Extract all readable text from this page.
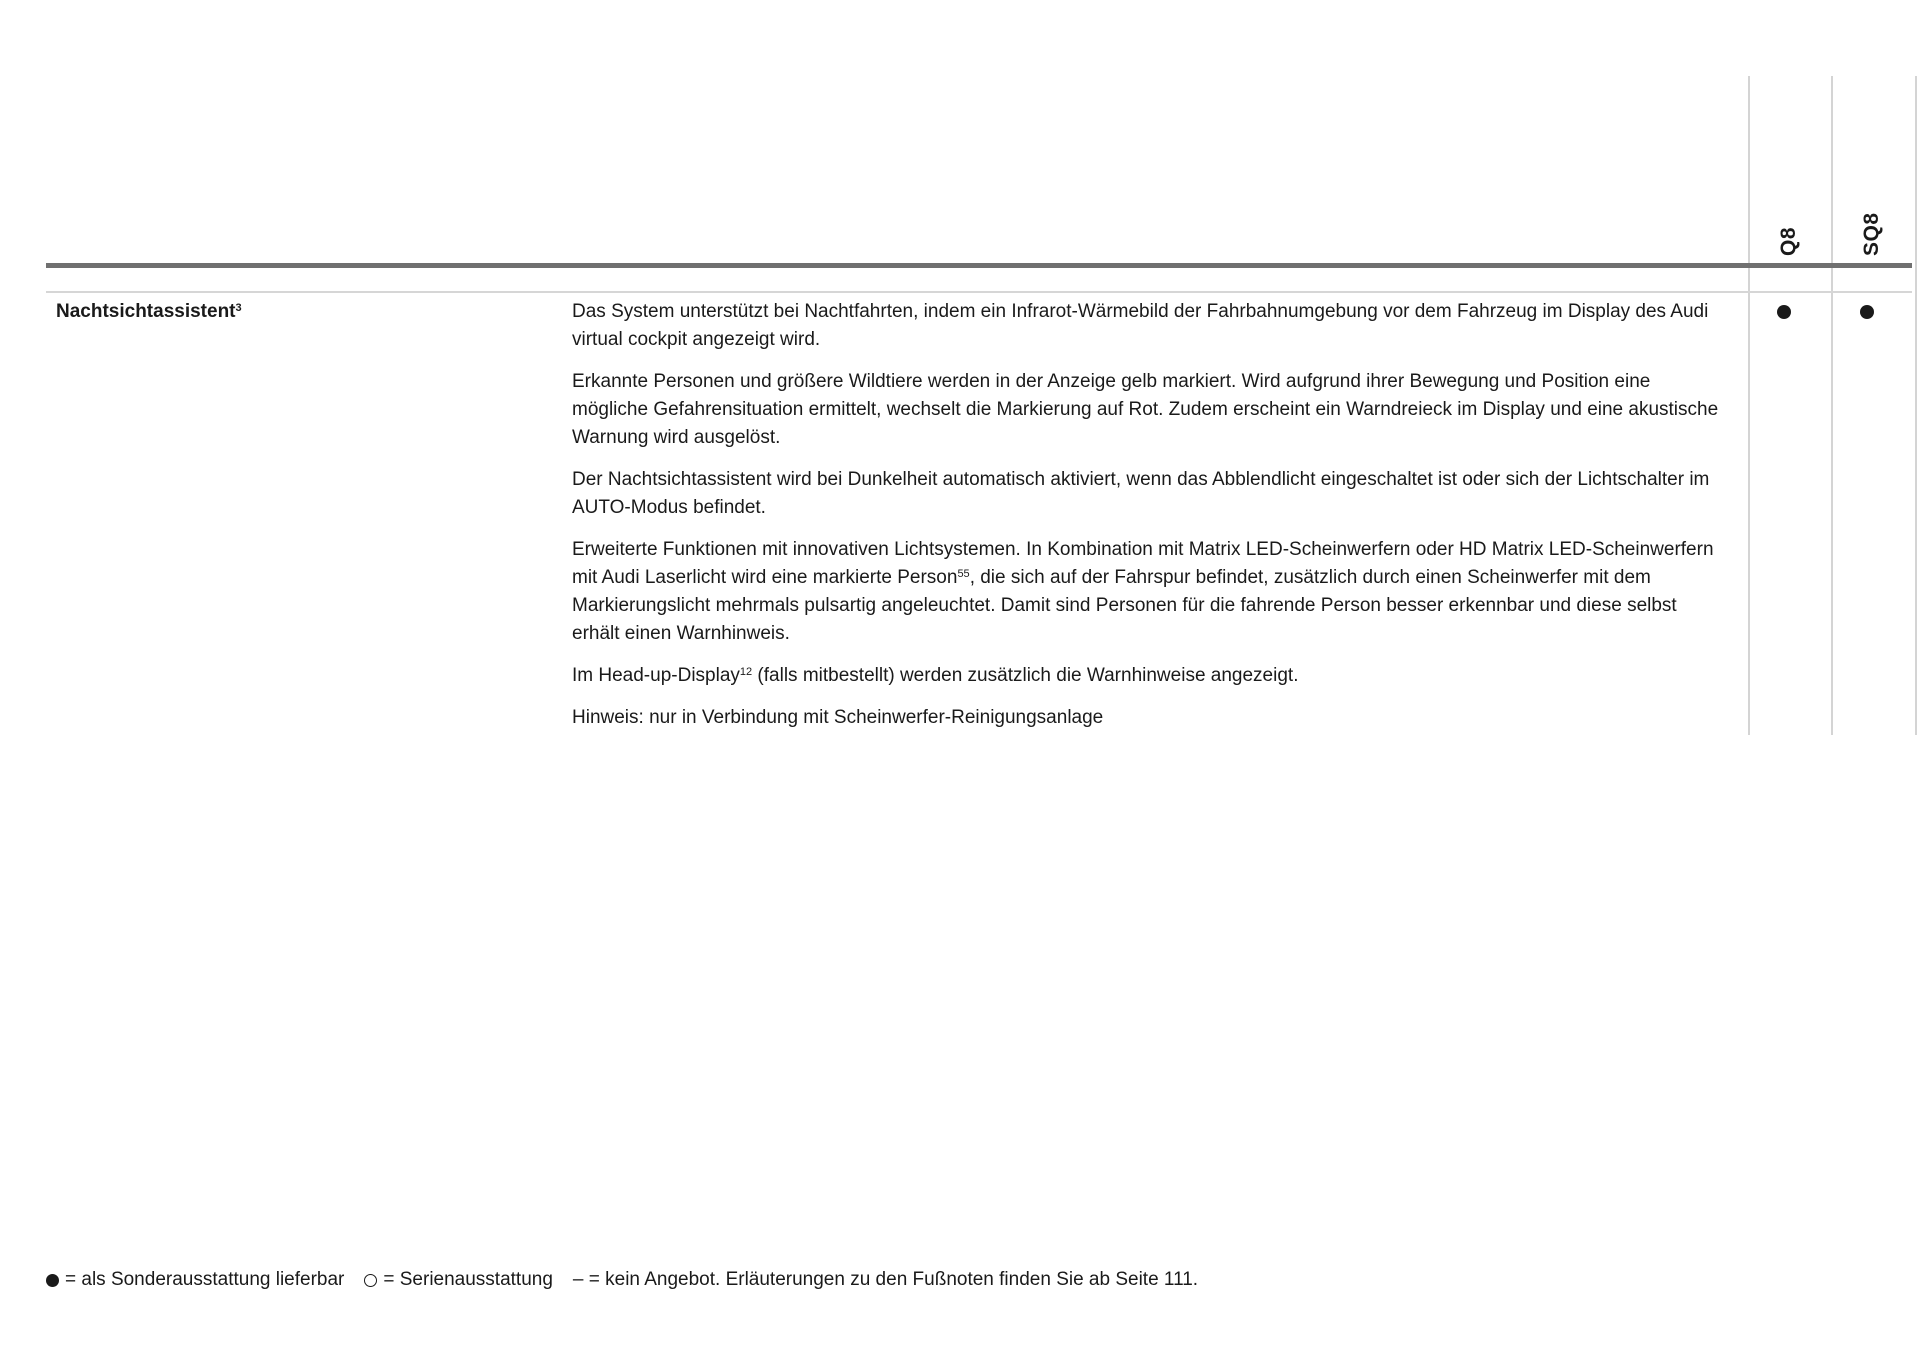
Q8	SQ8
Nachtsichtassistent$^3$	Das System unterstützt bei Nachtfahrten, indem ein Infrarot-Wärmebild der Fahrbahnumgebung vor dem Fahrzeug im Display des Audi virtual cockpit angezeigt wird.

Erkannte Personen und größere Wildtiere werden in der Anzeige gelb markiert. Wird aufgrund ihrer Bewegung und Position eine mögliche Gefahrensituation ermittelt, wechselt die Markierung auf Rot. Zudem erscheint ein Warndreieck im Display und eine akustische Warnung wird ausgelöst.

Der Nachtsichtassistent wird bei Dunkelheit automatisch aktiviert, wenn das Abblendlicht eingeschaltet ist oder sich der Lichtschalter im AUTO-Modus befindet.

Erweiterte Funktionen mit innovativen Lichtsystemen. In Kombination mit Matrix LED-Scheinwerfern oder HD Matrix LED-Scheinwerfern mit Audi Laserlicht wird eine markierte Person$^{55}$, die sich auf der Fahrspur befindet, zusätzlich durch einen Scheinwerfer mit dem Markierungslicht mehrmals pulsartig angeleuchtet. Damit sind Personen für die fahrende Person besser erkennbar und diese selbst erhält einen Warnhinweis.

Im Head-up-Display$^{12}$ (falls mitbestellt) werden zusätzlich die Warnhinweise angezeigt.

Hinweis: nur in Verbindung mit Scheinwerfer-Reinigungsanlage

= als Sonderausstattung lieferbar = Serienausstattung – = kein Angebot. Erläuterungen zu den Fußnoten finden Sie ab Seite 111.
